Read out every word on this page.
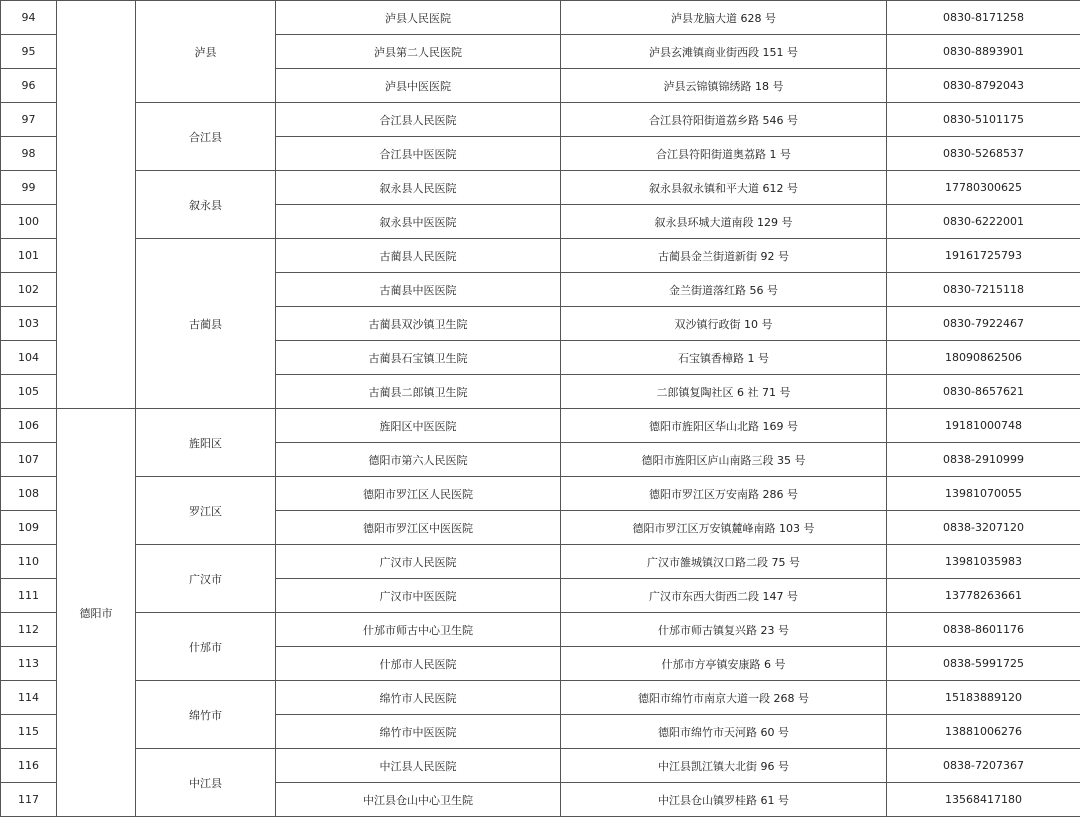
94		泸县	泸县人民医院	泸县龙脑大道 628 号	0830-8171258
95			泸县第二人民医院	泸县玄滩镇商业街西段 151 号	0830-8893901
96			泸县中医医院	泸县云锦镇锦绣路 18 号	0830-8792043
97		合江县	合江县人民医院	合江县符阳街道荔乡路 546 号	0830-5101175
98			合江县中医医院	合江县符阳街道奥荔路 1 号	0830-5268537
99		叙永县	叙永县人民医院	叙永县叙永镇和平大道 612 号	17780300625
100			叙永县中医医院	叙永县环城大道南段 129 号	0830-6222001
101		古蔺县	古蔺县人民医院	古蔺县金兰街道新街 92 号	19161725793
102			古蔺县中医医院	金兰街道落红路 56 号	0830-7215118
103			古蔺县双沙镇卫生院	双沙镇行政街 10 号	0830-7922467
104			古蔺县石宝镇卫生院	石宝镇香樟路 1 号	18090862506
105			古蔺县二郎镇卫生院	二郎镇复陶社区 6 社 71 号	0830-8657621
106	德阳市	旌阳区	旌阳区中医医院	德阳市旌阳区华山北路 169 号	19181000748
107			德阳市第六人民医院	德阳市旌阳区庐山南路三段 35 号	0838-2910999
108		罗江区	德阳市罗江区人民医院	德阳市罗江区万安南路 286 号	13981070055
109			德阳市罗江区中医医院	德阳市罗江区万安镇麓峰南路 103 号	0838-3207120
110		广汉市	广汉市人民医院	广汉市雒城镇汉口路二段 75 号	13981035983
111			广汉市中医医院	广汉市东西大街西二段 147 号	13778263661
112		什邡市	什邡市师古中心卫生院	什邡市师古镇复兴路 23 号	0838-8601176
113			什邡市人民医院	什邡市方亭镇安康路 6 号	0838-5991725
114		绵竹市	绵竹市人民医院	德阳市绵竹市南京大道一段 268 号	15183889120
115			绵竹市中医医院	德阳市绵竹市天河路 60 号	13881006276
116		中江县	中江县人民医院	中江县凯江镇大北街 96 号	0838-7207367
117			中江县仓山中心卫生院	中江县仓山镇罗桂路 61 号	13568417180
